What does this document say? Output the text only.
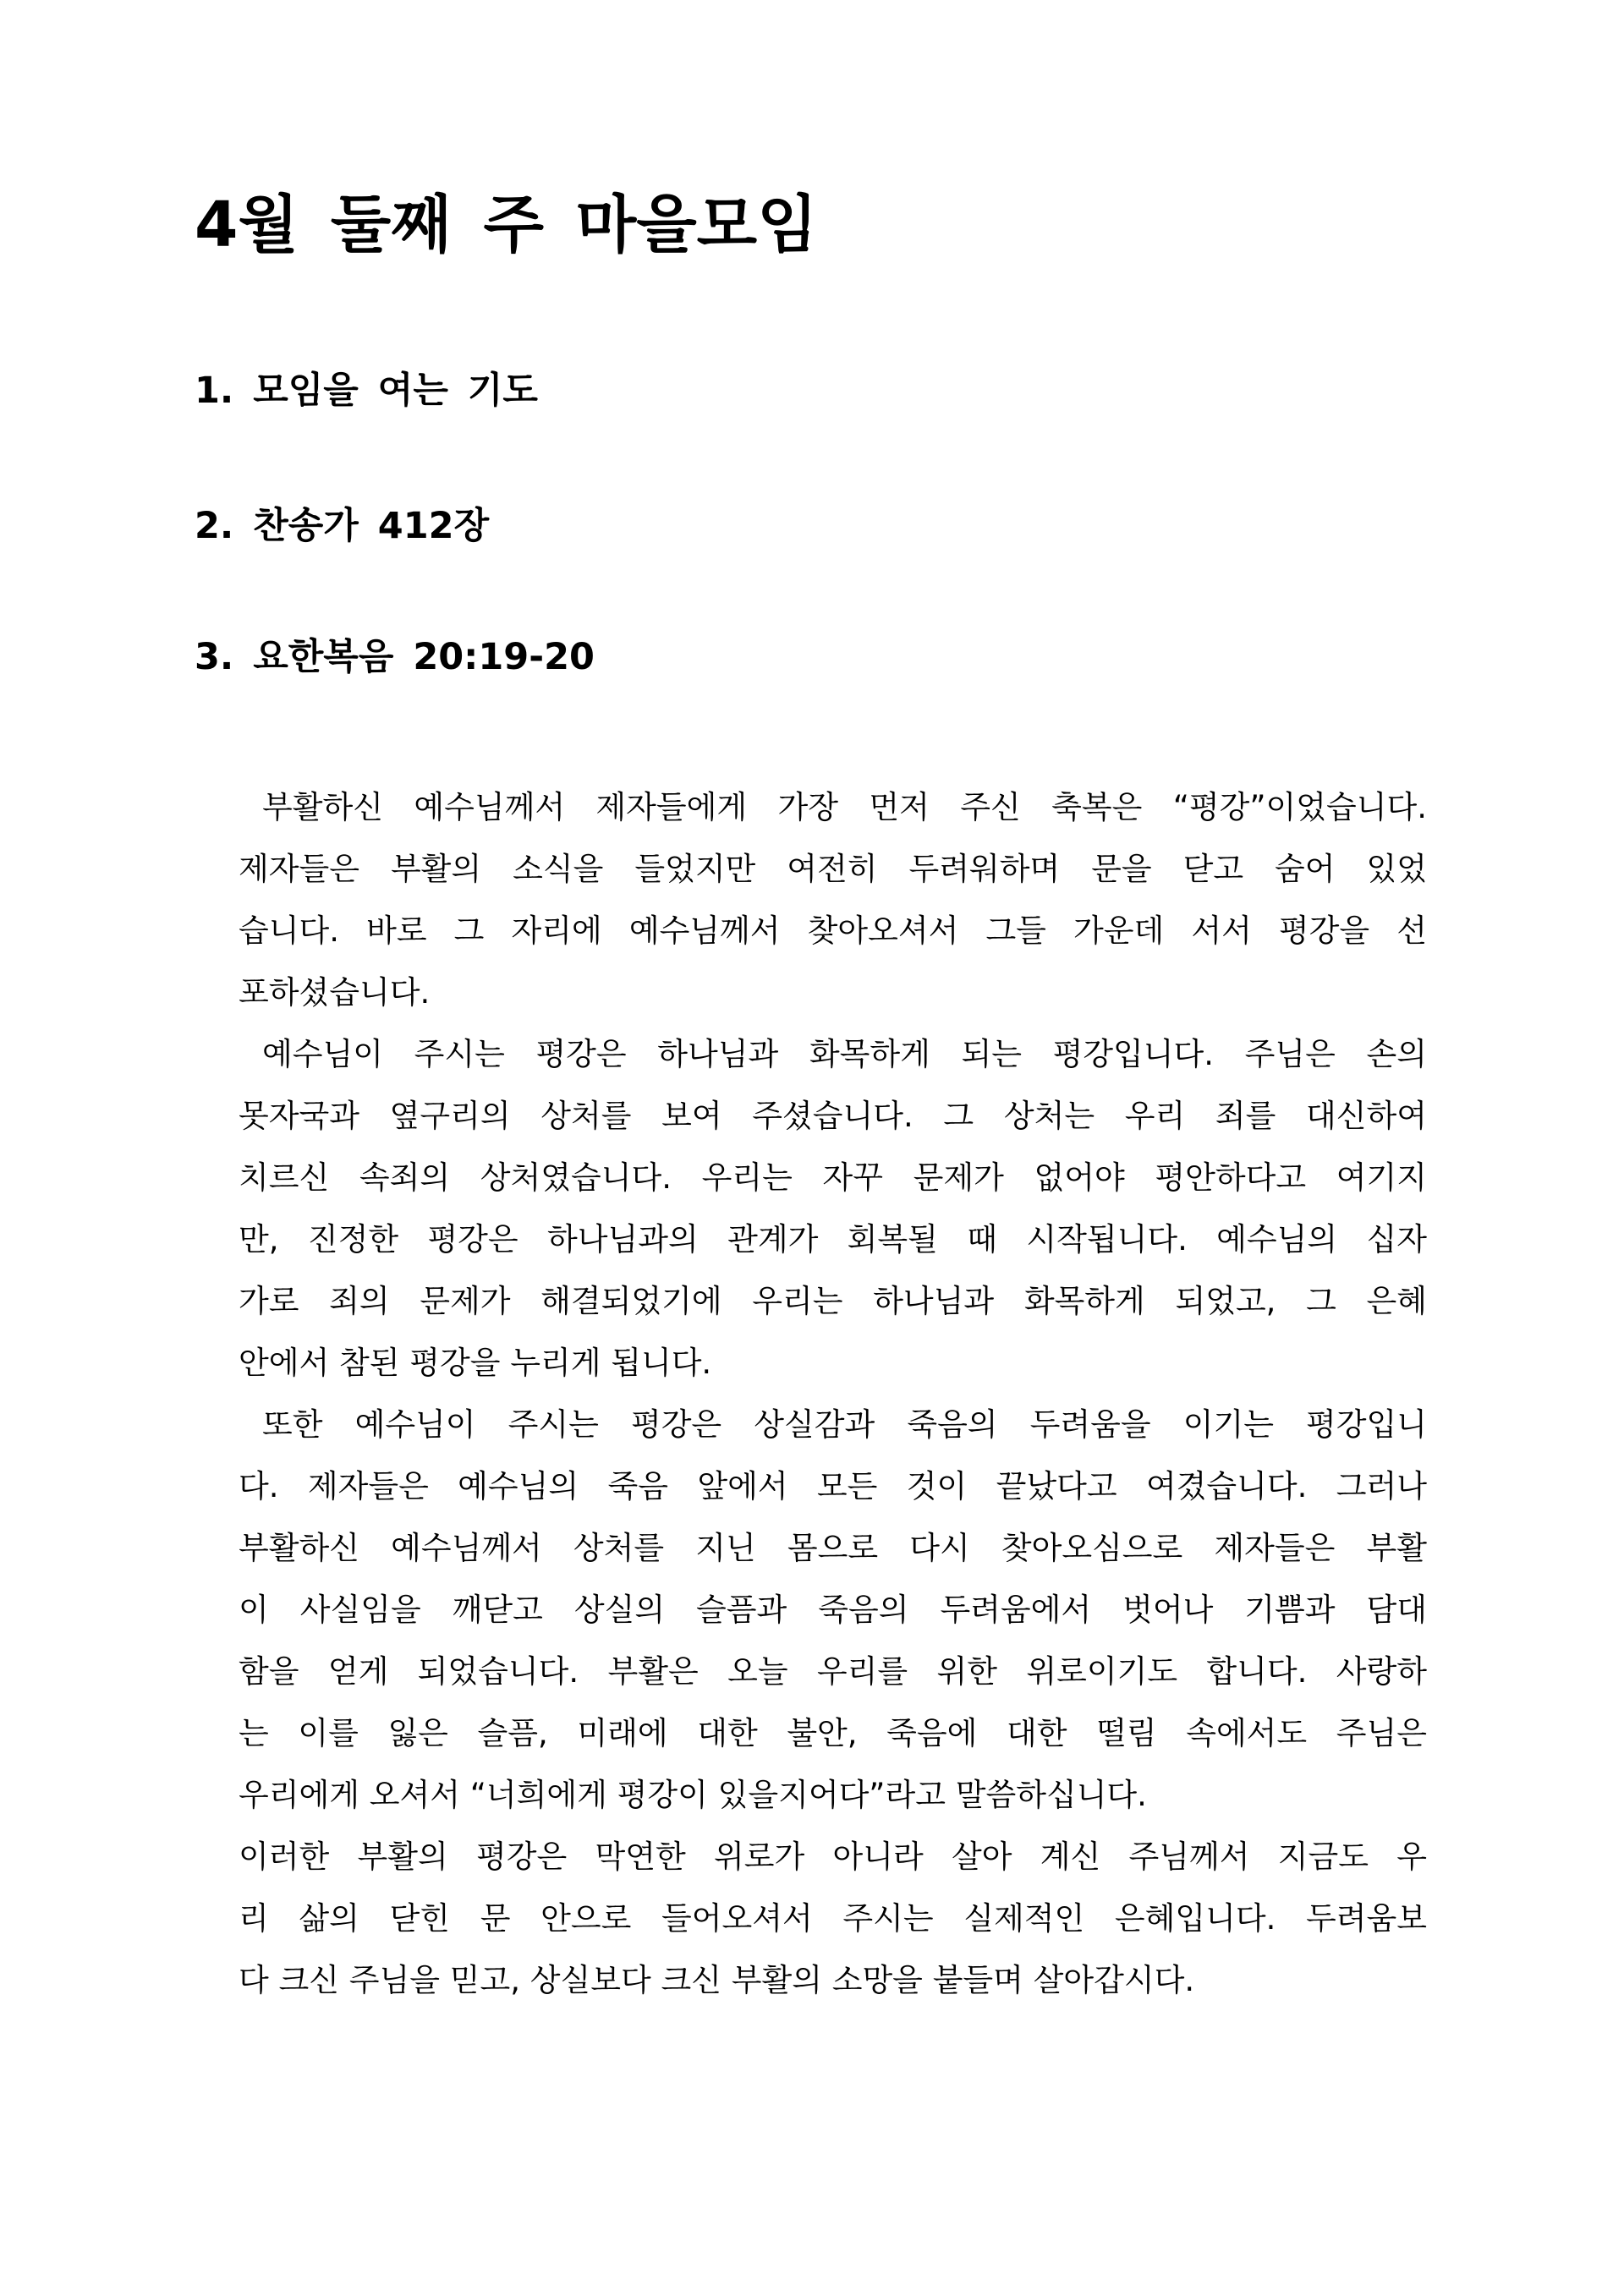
4월 둘째 주 마을모임
1. 모임을 여는 기도
2. 찬송가 412장
3. 요한복음 20:19-20
부활하신 예수님께서 제자들에게 가장 먼저 주신 축복은 “평강”이었습니다.
제자들은 부활의 소식을 들었지만 여전히 두려워하며 문을 닫고 숨어 있었
습니다. 바로 그 자리에 예수님께서 찾아오셔서 그들 가운데 서서 평강을 선
포하셨습니다.
예수님이 주시는 평강은 하나님과 화목하게 되는 평강입니다. 주님은 손의
못자국과 옆구리의 상처를 보여 주셨습니다. 그 상처는 우리 죄를 대신하여
치르신 속죄의 상처였습니다. 우리는 자꾸 문제가 없어야 평안하다고 여기지
만, 진정한 평강은 하나님과의 관계가 회복될 때 시작됩니다. 예수님의 십자
가로 죄의 문제가 해결되었기에 우리는 하나님과 화목하게 되었고, 그 은혜
안에서 참된 평강을 누리게 됩니다.
또한 예수님이 주시는 평강은 상실감과 죽음의 두려움을 이기는 평강입니
다. 제자들은 예수님의 죽음 앞에서 모든 것이 끝났다고 여겼습니다. 그러나
부활하신 예수님께서 상처를 지닌 몸으로 다시 찾아오심으로 제자들은 부활
이 사실임을 깨닫고 상실의 슬픔과 죽음의 두려움에서 벗어나 기쁨과 담대
함을 얻게 되었습니다. 부활은 오늘 우리를 위한 위로이기도 합니다. 사랑하
는 이를 잃은 슬픔, 미래에 대한 불안, 죽음에 대한 떨림 속에서도 주님은
우리에게 오셔서 “너희에게 평강이 있을지어다”라고 말씀하십니다.
이러한 부활의 평강은 막연한 위로가 아니라 살아 계신 주님께서 지금도 우
리 삶의 닫힌 문 안으로 들어오셔서 주시는 실제적인 은혜입니다. 두려움보
다 크신 주님을 믿고, 상실보다 크신 부활의 소망을 붙들며 살아갑시다.
